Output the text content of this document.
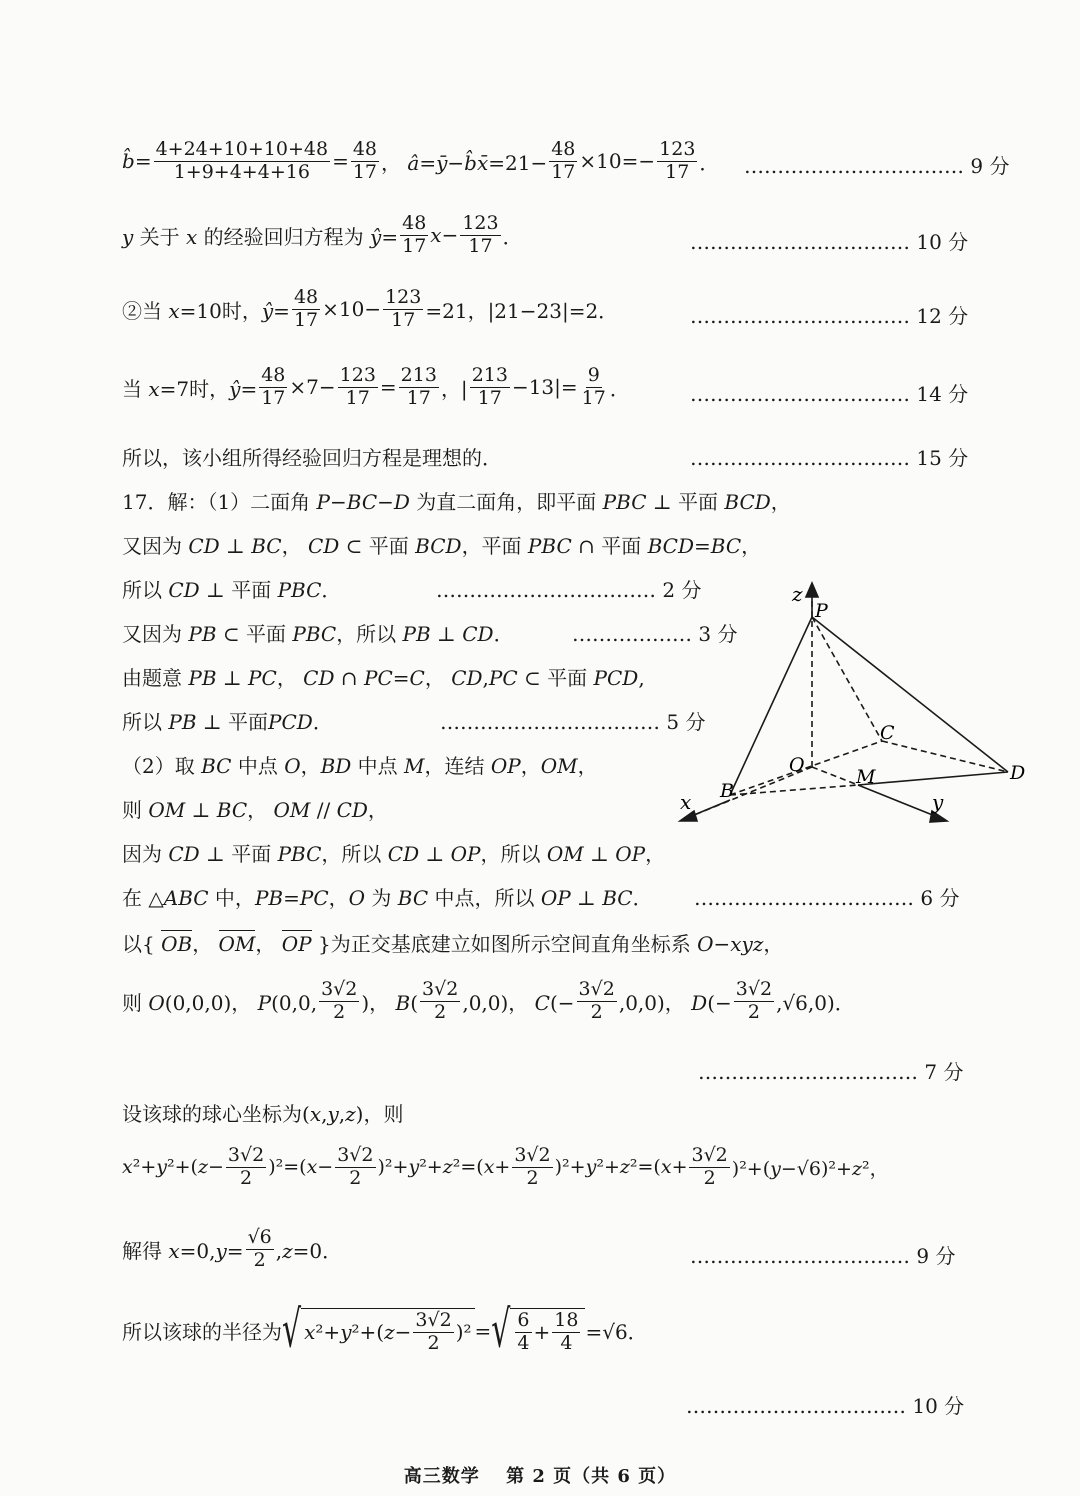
b̂= $\frac{4+24+10+10+48}{1+9+4+4+16} = \frac{48}{17}$ ， â=ȳ−b̂x̄=21− $\frac{48}{17} \times 10=- \frac{123}{17}$ ． …………………………… 9 分
y 关于 x 的经验回归方程为 ŷ= $\frac{48}{17} x- \frac{123}{17}$ ．	…………………………… 10 分
②当 x=10时，ŷ= $\frac{48}{17} \times 10- \frac{123}{17} =21$，|21−23|=2．	…………………………… 12 分
当 x=7时，ŷ= $\frac{48}{17} \times 7- \frac{123}{17} = \frac{213}{17}$ ，| $\frac{213}{17} -13|= \frac{9}{17}$ ．	…………………………… 14 分
所以，该小组所得经验回归方程是理想的．	…………………………… 15 分
17．解：（1）二面角 P−BC−D 为直二面角，即平面 PBC ⊥ 平面 BCD，
又因为 CD ⊥ BC， CD ⊂ 平面 BCD，平面 PBC ∩ 平面 BCD=BC，
所以 CD ⊥ 平面 PBC．	…………………………… 2 分
又因为 PB ⊂ 平面 PBC，所以 PB ⊥ CD．	……………… 3 分
由题意 PB ⊥ PC， CD ∩ PC=C， CD,PC ⊂ 平面 PCD,
所以 PB ⊥ 平面PCD．	…………………………… 5 分
（2）取 BC 中点 O，BD 中点 M，连结 OP，OM，
则 OM ⊥ BC， OM // CD，
因为 CD ⊥ 平面 PBC，所以 CD ⊥ OP，所以 OM ⊥ OP，
在 △ABC 中，PB=PC，O 为 BC 中点，所以 OP ⊥ BC． …………………………… 6 分
以{ OB， OM， OP }为正交基底建立如图所示空间直角坐标系 O−xyz，
则 O(0,0,0)， P(0,0, $\frac{3√2}{2}$ )， $B( \frac{3√2}{2} ,0,0)$， $C(- \frac{3√2}{2} ,0,0)$， $D(- \frac{3√2}{2} ,√6,0)$．
…………………………… 7 分
设该球的球心坐标为(x,y,z)，则
$x^2+y^2+(z- \frac{3√2}{2} )^2=(x- \frac{3√2}{2} )^2+y^2+z^2=(x+ \frac{3√2}{2} )^2+y^2+z^2=(x+ \frac{3√2}{2} )^2+(y-√6)^2+z^2$，
解得 $x=0,y= \frac{√6}{2} ,z=0$．	…………………………… 9 分
所以该球的半径为 √ x ²+ y ²+( $z - \frac{3√2}{2} )^2$ = √ $\frac{6}{4} + \frac{18}{4} =√6$．
…………………………… 10 分
z
P
C
O
M
B
D
x	y
高三数学　 第 2 页（共 6 页）
